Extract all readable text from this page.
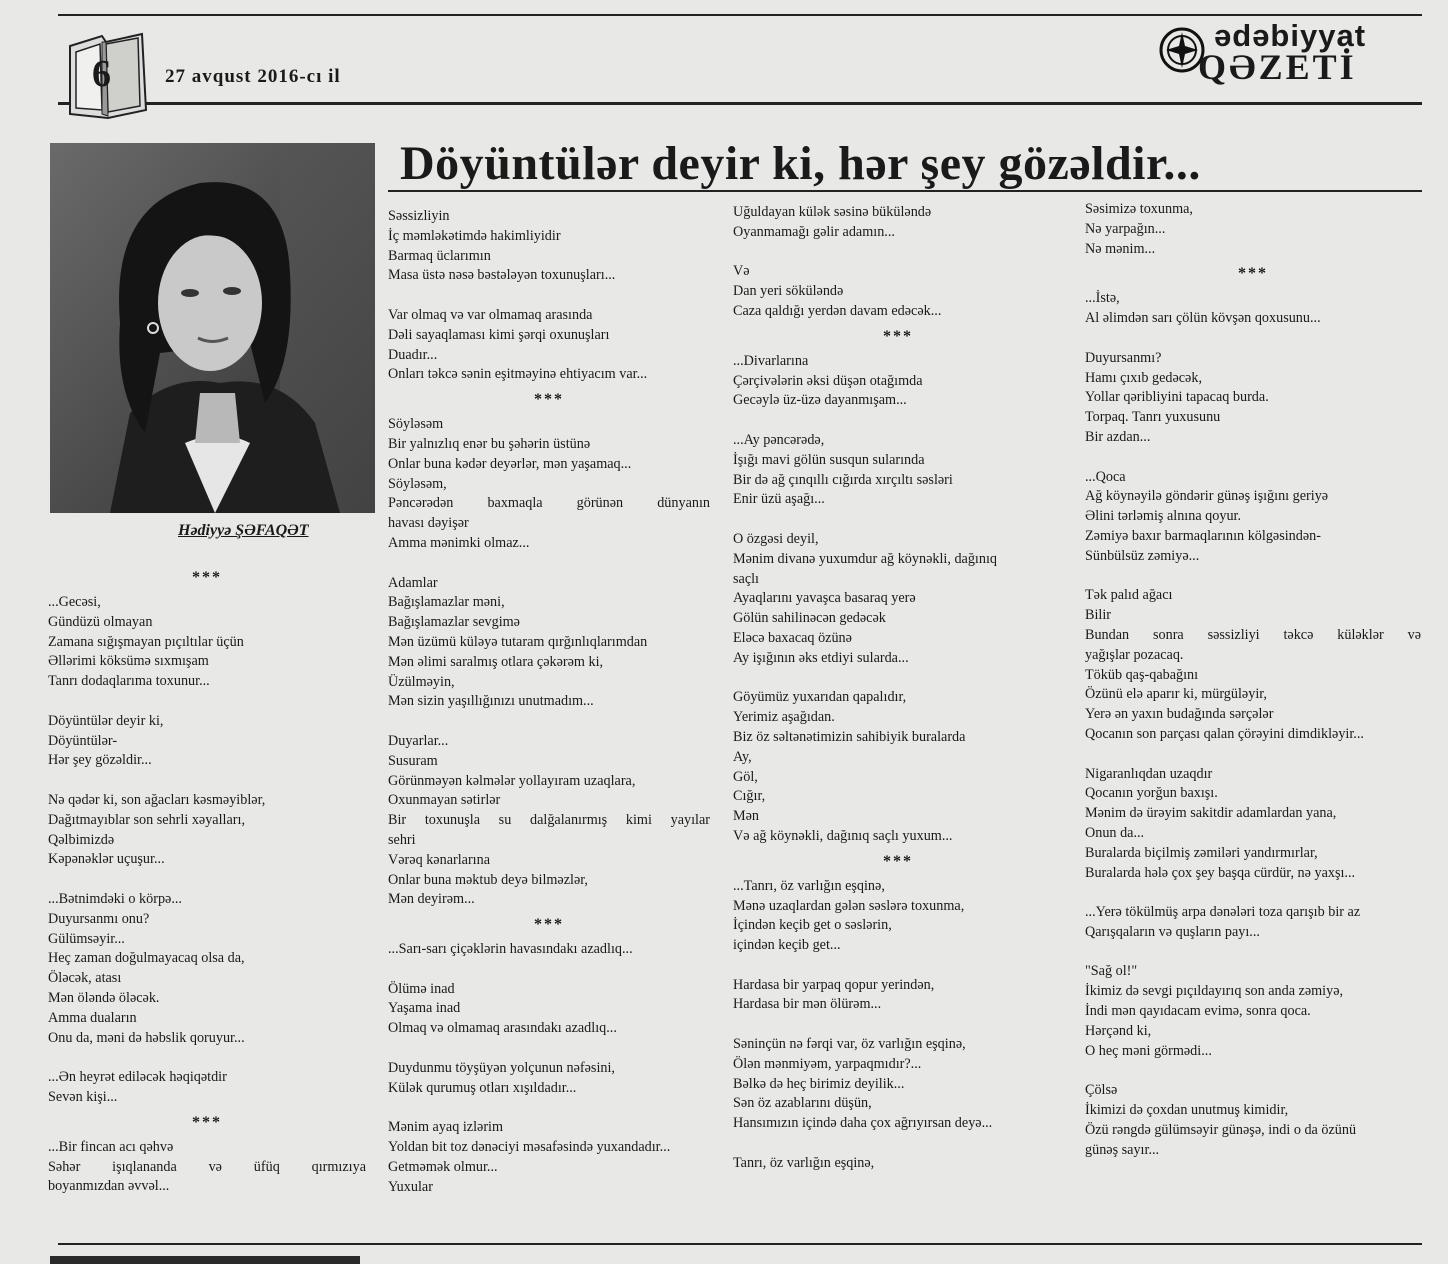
6	27 avqust 2016-cı il
ədəbiyyat
QƏZETİ
Hədiyyə ŞƏFAQƏT
Döyüntülər deyir ki, hər şey gözəldir...
***
...Gecəsi,
Gündüzü olmayan
Zamana sığışmayan pıçıltılar üçün
Əllərimi köksümə sıxmışam
Tanrı dodaqlarıma toxunur...
Döyüntülər deyir ki,
Döyüntülər-
Hər şey gözəldir...
Nə qədər ki, son ağacları kəsməyiblər,
Dağıtmayıblar son sehrli xəyalları,
Qəlbimizdə
Kəpənəklər uçuşur...
...Bətnimdəki o körpə...
Duyursanmı onu?
Gülümsəyir...
Heç zaman doğulmayacaq olsa da,
Öləcək, atası
Mən öləndə öləcək.
Amma duaların
Onu da, məni də həbslik qoruyur...
...Ən heyrət ediləcək həqiqətdir
Sevən kişi...
***
...Bir fincan acı qəhvə
Səhər işıqlananda və üfüq qırmızıya
boyanmızdan əvvəl...
Səssizliyin
İç məmləkətimdə hakimliyidir
Barmaq üclarımın
Masa üstə nəsə bəstələyən toxunuşları...
Var olmaq və var olmamaq arasında
Dəli sayaqlaması kimi şərqi oxunuşları
Duadır...
Onları təkcə sənin eşitməyinə ehtiyacım var...
***
Söyləsəm
Bir yalnızlıq enər bu şəhərin üstünə
Onlar buna kədər deyərlər, mən yaşamaq...
Söyləsəm,
Pəncərədən baxmaqla görünən dünyanın
havası dəyişər
Amma mənimki olmaz...
Adamlar
Bağışlamazlar məni,
Bağışlamazlar sevgimə
Mən üzümü küləyə tutaram qırğınlıqlarımdan
Mən əlimi saralmış otlara çəkərəm ki,
Üzülməyin,
Mən sizin yaşıllığınızı unutmadım...
Duyarlar...
Susuram
Görünməyən kəlmələr yollayıram uzaqlara,
Oxunmayan sətirlər
Bir toxunuşla su dalğalanırmış kimi yayılar
sehri
Vərəq kənarlarına
Onlar buna məktub deyə bilməzlər,
Mən deyirəm...
***
...Sarı-sarı çiçəklərin havasındakı azadlıq...
Ölümə inad
Yaşama inad
Olmaq və olmamaq arasındakı azadlıq...
Duydunmu töyşüyən yolçunun nəfəsini,
Külək qurumuş otları xışıldadır...
Mənim ayaq izlərim
Yoldan bit toz dənəciyi məsafəsində yuxandadır...
Getməmək olmur...
Yuxular
Uğuldayan külək səsinə bükülәndə
Oyanmamağı gəlir adamın...
Və
Dan yeri sökülәndə
Caza qaldığı yerdən davam edəcək...
***
...Divarlarına
Çərçivələrin əksi düşən otağımda
Gecəylə üz-üzə dayanmışam...
...Ay pəncərədə,
İşığı mavi gölün susqun sularında
Bir də ağ çınqıllı cığırda xırçıltı səsləri
Enir üzü aşağı...
O özgəsi deyil,
Mənim divanə yuxumdur ağ köynəkli, dağınıq
saçlı
Ayaqlarını yavaşca basaraq yerə
Gölün sahilinəcən gedəcək
Eləcə baxacaq özünə
Ay işığının əks etdiyi sularda...
Göyümüz yuxarıdan qapalıdır,
Yerimiz aşağıdan.
Biz öz səltənətimizin sahibiyik buralarda
Ay,
Göl,
Cığır,
Mən
Və ağ köynəkli, dağınıq saçlı yuxum...
***
...Tanrı, öz varlığın eşqinə,
Mənə uzaqlardan gələn səslərə toxunma,
İçindən keçib get o səslərin,
içindən keçib get...
Hardasa bir yarpaq qopur yerindən,
Hardasa bir mən ölürəm...
Səninçün nə fərqi var, öz varlığın eşqinə,
Ölən mənmiyəm, yarpaqmıdır?...
Bəlkə də heç birimiz deyilik...
Sən öz azablarını düşün,
Hansımızın içində daha çox ağrıyırsan deyə...
Tanrı, öz varlığın eşqinə,
Səsimizə toxunma,
Nə yarpağın...
Nə mənim...
***
...İstə,
Al əlimdən sarı çölün kövşən qoxusunu...
Duyursanmı?
Hamı çıxıb gedəcək,
Yollar qəribliyini tapacaq burda.
Torpaq. Tanrı yuxusunu
Bir azdan...
...Qoca
Ağ köynəyilə göndərir günəş işığını geriyə
Əlini tərləmiş alnına qoyur.
Zəmiyə baxır barmaqlarının kölgəsindən-
Sünbülsüz zəmiyə...
Tək palıd ağacı
Bilir
Bundan sonra səssizliyi təkcə küləklər və
yağışlar pozacaq.
Töküb qaş-qabağını
Özünü elə aparır ki, mürgüləyir,
Yerə ən yaxın budağında sərçələr
Qocanın son parçası qalan çörəyini dimdikləyir...
Nigaranlıqdan uzaqdır
Qocanın yorğun baxışı.
Mənim də ürəyim sakitdir adamlardan yana,
Onun da...
Buralarda biçilmiş zəmiləri yandırmırlar,
Buralarda hələ çox şey başqa cürdür, nə yaxşı...
...Yerə tökülmüş arpa dənələri toza qarışıb bir az
Qarışqaların və quşların payı...
"Sağ ol!"
İkimiz də sevgi pıçıldayırıq son anda zəmiyə,
İndi mən qayıdacam evimə, sonra qoca.
Hərçənd ki,
O heç məni görmədi...
Çölsə
İkimizi də çoxdan unutmuş kimidir,
Özü rəngdə gülümsəyir günəşə, indi o da özünü
günəş sayır...
